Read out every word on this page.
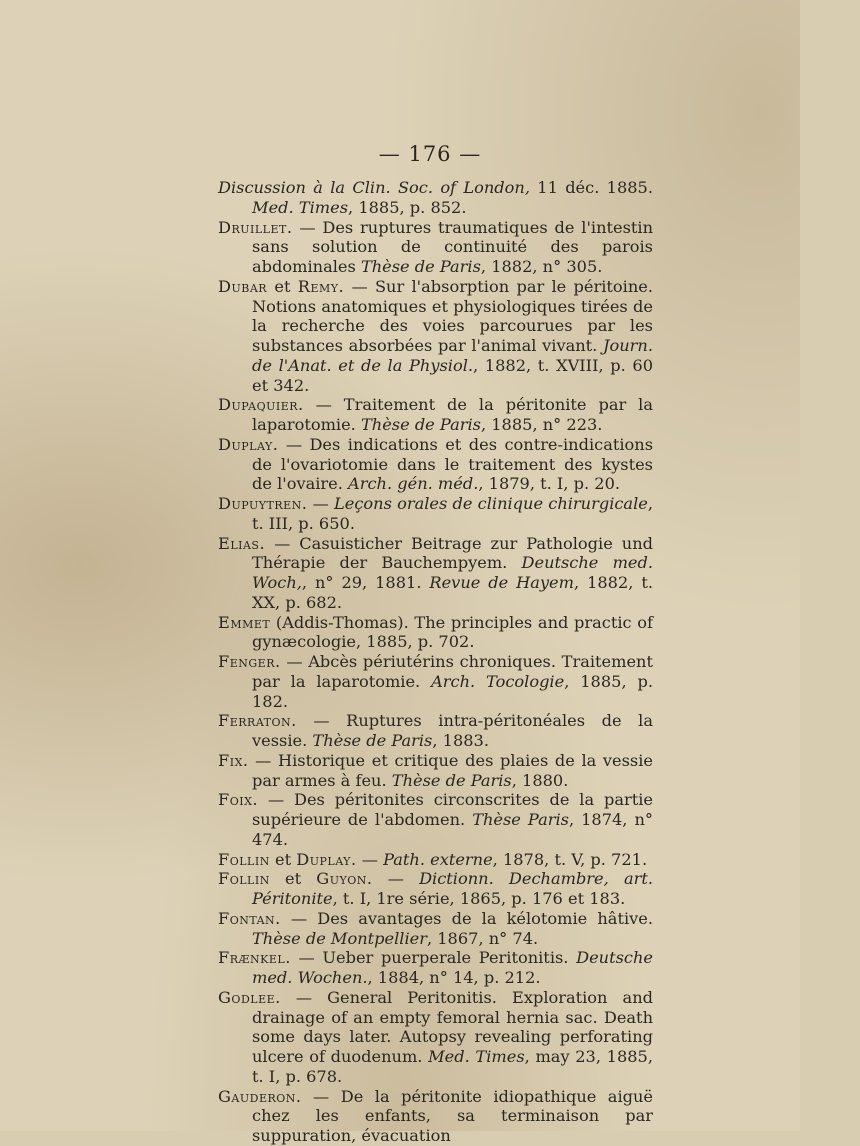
— 176 —
Discussion à la Clin. Soc. of London, 11 déc. 1885. Med. Times, 1885, p. 852.
Druillet. — Des ruptures traumatiques de l'intestin sans solution de continuité des parois abdominales Thèse de Paris, 1882, n° 305.
Dubar et Remy. — Sur l'absorption par le péritoine. Notions anatomiques et physiologiques tirées de la recherche des voies parcourues par les substances absorbées par l'animal vivant. Journ. de l'Anat. et de la Physiol., 1882, t. XVIII, p. 60 et 342.
Dupaquier. — Traitement de la péritonite par la laparotomie. Thèse de Paris, 1885, n° 223.
Duplay. — Des indications et des contre-indications de l'ovariotomie dans le traitement des kystes de l'ovaire. Arch. gén. méd., 1879, t. I, p. 20.
Dupuytren. — Leçons orales de clinique chirurgicale, t. III, p. 650.
Elias. — Casuisticher Beitrage zur Pathologie und Thérapie der Bauchempyem. Deutsche med. Woch,, n° 29, 1881. Revue de Hayem, 1882, t. XX, p. 682.
Emmet (Addis-Thomas). The principles and practic of gynæcologie, 1885, p. 702.
Fenger. — Abcès périutérins chroniques. Traitement par la laparotomie. Arch. Tocologie, 1885, p. 182.
Ferraton. — Ruptures intra-péritonéales de la vessie. Thèse de Paris, 1883.
Fix. — Historique et critique des plaies de la vessie par armes à feu. Thèse de Paris, 1880.
Foix. — Des péritonites circonscrites de la partie supérieure de l'abdomen. Thèse Paris, 1874, n° 474.
Follin et Duplay. — Path. externe, 1878, t. V, p. 721.
Follin et Guyon. — Dictionn. Dechambre, art. Péritonite, t. I, 1re série, 1865, p. 176 et 183.
Fontan. — Des avantages de la kélotomie hâtive. Thèse de Montpellier, 1867, n° 74.
Frænkel. — Ueber puerperale Peritonitis. Deutsche med. Wochen., 1884, n° 14, p. 212.
Godlee. — General Peritonitis. Exploration and drainage of an empty femoral hernia sac. Death some days later. Autopsy revealing perforating ulcere of duodenum. Med. Times, may 23, 1885, t. I, p. 678.
Gauderon. — De la péritonite idiopathique aiguë chez les enfants, sa terminaison par suppuration, évacuation
